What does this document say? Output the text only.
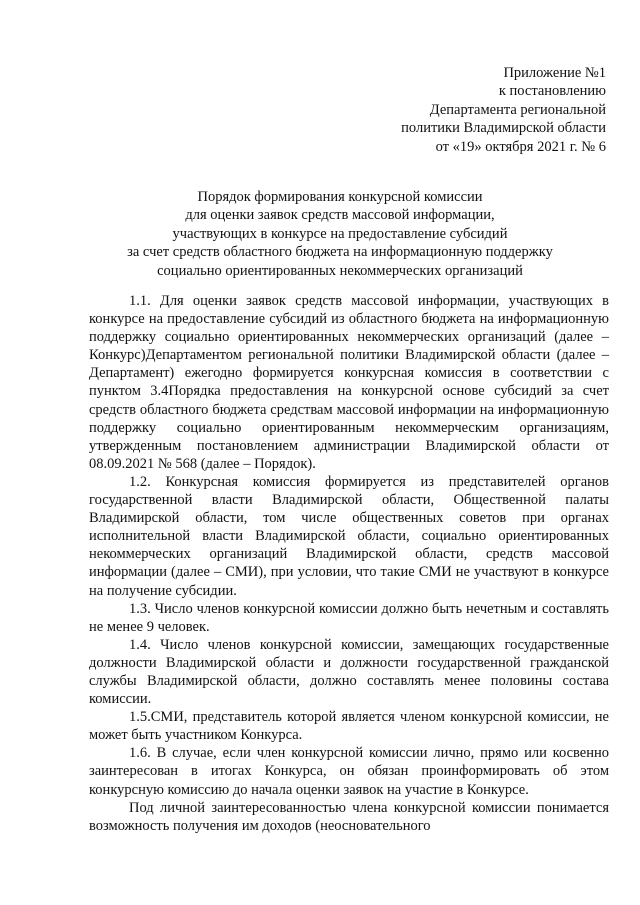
Приложение №1
к постановлению
Департамента региональной
политики Владимирской области
от «19» октября 2021 г. № 6
Порядок формирования конкурсной комиссии
для оценки заявок средств массовой информации,
участвующих в конкурсе на предоставление субсидий
за счет средств областного бюджета на информационную поддержку
социально ориентированных некоммерческих организаций

1.1. Для оценки заявок средств массовой информации, участвующих в конкурсе на предоставление субсидий из областного бюджета на информационную поддержку социально ориентированных некоммерческих организаций (далее –Конкурс)Департаментом региональной политики Владимирской области (далее – Департамент) ежегодно формируется конкурсная комиссия в соответствии с пунктом 3.4Порядка предоставления на конкурсной основе субсидий за счет средств областного бюджета средствам массовой информации на информационную поддержку социально ориентированным некоммерческим организациям, утвержденным постановлением администрации Владимирской области от 08.09.2021 № 568 (далее – Порядок).

1.2. Конкурсная комиссия формируется из представителей органов государственной власти Владимирской области, Общественной палаты Владимирской области, том числе общественных советов при органах исполнительной власти Владимирской области, социально ориентированных некоммерческих организаций Владимирской области, средств массовой информации (далее – СМИ), при условии, что такие СМИ не участвуют в конкурсе на получение субсидии.

1.3. Число членов конкурсной комиссии должно быть нечетным и составлять не менее 9 человек.

1.4. Число членов конкурсной комиссии, замещающих государственные должности Владимирской области и должности государственной гражданской службы Владимирской области, должно составлять менее половины состава комиссии.

1.5.СМИ, представитель которой является членом конкурсной комиссии, не может быть участником Конкурса.

1.6. В случае, если член конкурсной комиссии лично, прямо или косвенно заинтересован в итогах Конкурса, он обязан проинформировать об этом конкурсную комиссию до начала оценки заявок на участие в Конкурсе.

Под личной заинтересованностью члена конкурсной комиссии понимается возможность получения им доходов (неосновательного
